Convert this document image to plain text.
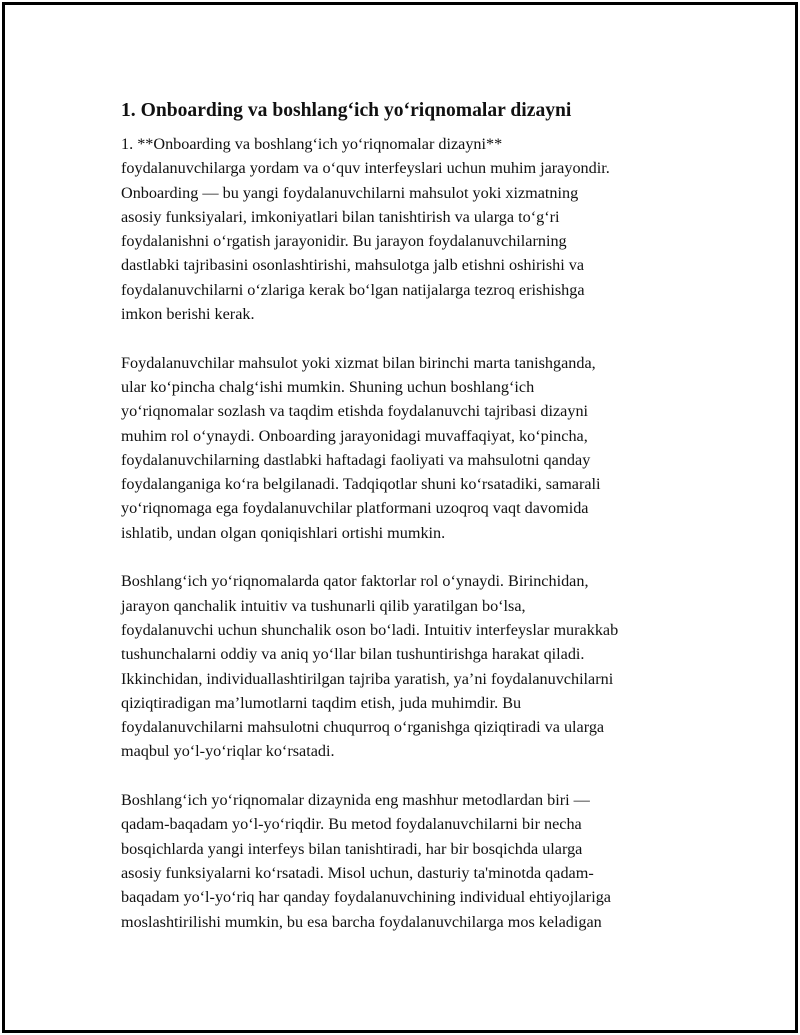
1. Onboarding va boshlang‘ich yo‘riqnomalar dizayni

1. **Onboarding va boshlang‘ich yo‘riqnomalar dizayni**
foydalanuvchilarga yordam va o‘quv interfeyslari uchun muhim jarayondir.
Onboarding — bu yangi foydalanuvchilarni mahsulot yoki xizmatning
asosiy funksiyalari, imkoniyatlari bilan tanishtirish va ularga to‘g‘ri
foydalanishni o‘rgatish jarayonidir. Bu jarayon foydalanuvchilarning
dastlabki tajribasini osonlashtirishi, mahsulotga jalb etishni oshirishi va
foydalanuvchilarni o‘zlariga kerak bo‘lgan natijalarga tezroq erishishga
imkon berishi kerak.

Foydalanuvchilar mahsulot yoki xizmat bilan birinchi marta tanishganda,
ular ko‘pincha chalg‘ishi mumkin. Shuning uchun boshlang‘ich
yo‘riqnomalar sozlash va taqdim etishda foydalanuvchi tajribasi dizayni
muhim rol o‘ynaydi. Onboarding jarayonidagi muvaffaqiyat, ko‘pincha,
foydalanuvchilarning dastlabki haftadagi faoliyati va mahsulotni qanday
foydalanganiga ko‘ra belgilanadi. Tadqiqotlar shuni ko‘rsatadiki, samarali
yo‘riqnomaga ega foydalanuvchilar platformani uzoqroq vaqt davomida
ishlatib, undan olgan qoniqishlari ortishi mumkin.

Boshlang‘ich yo‘riqnomalarda qator faktorlar rol o‘ynaydi. Birinchidan,
jarayon qanchalik intuitiv va tushunarli qilib yaratilgan bo‘lsa,
foydalanuvchi uchun shunchalik oson bo‘ladi. Intuitiv interfeyslar murakkab
tushunchalarni oddiy va aniq yo‘llar bilan tushuntirishga harakat qiladi.
Ikkinchidan, individuallashtirilgan tajriba yaratish, ya’ni foydalanuvchilarni
qiziqtiradigan ma’lumotlarni taqdim etish, juda muhimdir. Bu
foydalanuvchilarni mahsulotni chuqurroq o‘rganishga qiziqtiradi va ularga
maqbul yo‘l-yo‘riqlar ko‘rsatadi.

Boshlang‘ich yo‘riqnomalar dizaynida eng mashhur metodlardan biri —
qadam-baqadam yo‘l-yo‘riqdir. Bu metod foydalanuvchilarni bir necha
bosqichlarda yangi interfeys bilan tanishtiradi, har bir bosqichda ularga
asosiy funksiyalarni ko‘rsatadi. Misol uchun, dasturiy ta'minotda qadam-
baqadam yo‘l-yo‘riq har qanday foydalanuvchining individual ehtiyojlariga
moslashtirilishi mumkin, bu esa barcha foydalanuvchilarga mos keladigan
